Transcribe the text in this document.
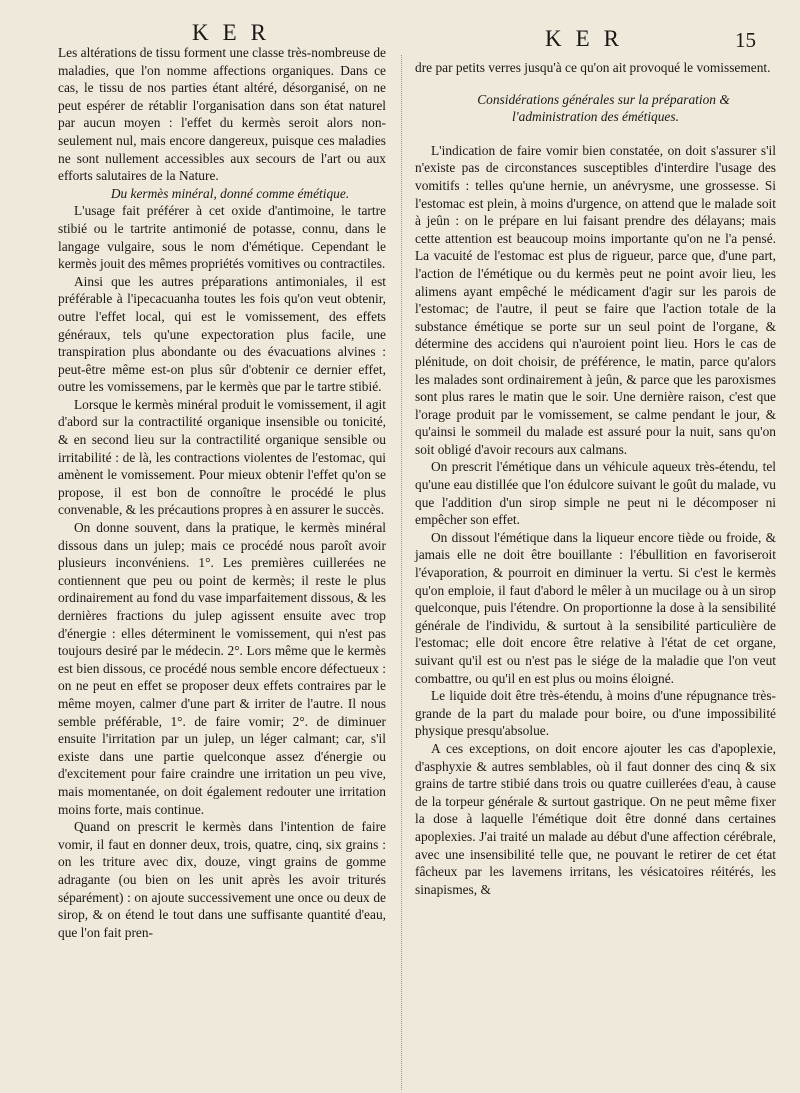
KER	KER	15

Les altérations de tissu forment une classe très-nombreuse de maladies, que l'on nomme affections organiques. Dans ce cas, le tissu de nos parties étant altéré, désorganisé, on ne peut espérer de rétablir l'organisation dans son état naturel par aucun moyen : l'effet du kermès seroit alors non-seulement nul, mais encore dangereux, puisque ces maladies ne sont nullement accessibles aux secours de l'art ou aux efforts salutaires de la Nature.

Du kermès minéral, donné comme émétique.

L'usage fait préférer à cet oxide d'antimoine, le tartre stibié ou le tartrite antimonié de potasse, connu, dans le langage vulgaire, sous le nom d'émétique. Cependant le kermès jouit des mêmes propriétés vomitives ou contractiles.

Ainsi que les autres préparations antimoniales, il est préférable à l'ipecacuanha toutes les fois qu'on veut obtenir, outre l'effet local, qui est le vomissement, des effets généraux, tels qu'une expectoration plus facile, une transpiration plus abondante ou des évacuations alvines : peut-être même est-on plus sûr d'obtenir ce dernier effet, outre les vomissemens, par le kermès que par le tartre stibié.

Lorsque le kermès minéral produit le vomissement, il agit d'abord sur la contractilité organique insensible ou tonicité, & en second lieu sur la contractilité organique sensible ou irritabilité : de là, les contractions violentes de l'estomac, qui amènent le vomissement. Pour mieux obtenir l'effet qu'on se propose, il est bon de connoître le procédé le plus convenable, & les précautions propres à en assurer le succès.

On donne souvent, dans la pratique, le kermès minéral dissous dans un julep; mais ce procédé nous paroît avoir plusieurs inconvéniens. 1°. Les premières cuillerées ne contiennent que peu ou point de kermès; il reste le plus ordinairement au fond du vase imparfaitement dissous, & les dernières fractions du julep agissent ensuite avec trop d'énergie : elles déterminent le vomissement, qui n'est pas toujours desiré par le médecin. 2°. Lors même que le kermès est bien dissous, ce procédé nous semble encore défectueux : on ne peut en effet se proposer deux effets contraires par le même moyen, calmer d'une part & irriter de l'autre. Il nous semble préférable, 1°. de faire vomir; 2°. de diminuer ensuite l'irritation par un julep, un léger calmant; car, s'il existe dans une partie quelconque assez d'énergie ou d'excitement pour faire craindre une irritation un peu vive, mais momentanée, on doit également redouter une irritation moins forte, mais continue.

Quand on prescrit le kermès dans l'intention de faire vomir, il faut en donner deux, trois, quatre, cinq, six grains : on les triture avec dix, douze, vingt grains de gomme adragante (ou bien on les unit après les avoir triturés séparément) : on ajoute successivement une once ou deux de sirop, & on étend le tout dans une suffisante quantité d'eau, que l'on fait pren-

dre par petits verres jusqu'à ce qu'on ait provoqué le vomissement.

Considérations générales sur la préparation & l'administration des émétiques.

L'indication de faire vomir bien constatée, on doit s'assurer s'il n'existe pas de circonstances susceptibles d'interdire l'usage des vomitifs : telles qu'une hernie, un anévrysme, une grossesse. Si l'estomac est plein, à moins d'urgence, on attend que le malade soit à jeûn : on le prépare en lui faisant prendre des délayans; mais cette attention est beaucoup moins importante qu'on ne l'a pensé. La vacuité de l'estomac est plus de rigueur, parce que, d'une part, l'action de l'émétique ou du kermès peut ne point avoir lieu, les alimens ayant empêché le médicament d'agir sur les parois de l'estomac; de l'autre, il peut se faire que l'action totale de la substance émétique se porte sur un seul point de l'organe, & détermine des accidens qui n'auroient point lieu. Hors le cas de plénitude, on doit choisir, de préférence, le matin, parce qu'alors les malades sont ordinairement à jeûn, & parce que les paroxismes sont plus rares le matin que le soir. Une dernière raison, c'est que l'orage produit par le vomissement, se calme pendant le jour, & qu'ainsi le sommeil du malade est assuré pour la nuit, sans qu'on soit obligé d'avoir recours aux calmans.

On prescrit l'émétique dans un véhicule aqueux très-étendu, tel qu'une eau distillée que l'on édulcore suivant le goût du malade, vu que l'addition d'un sirop simple ne peut ni le décomposer ni empêcher son effet.

On dissout l'émétique dans la liqueur encore tiède ou froide, & jamais elle ne doit être bouillante : l'ébullition en favoriseroit l'évaporation, & pourroit en diminuer la vertu. Si c'est le kermès qu'on emploie, il faut d'abord le mêler à un mucilage ou à un sirop quelconque, puis l'étendre. On proportionne la dose à la sensibilité générale de l'individu, & surtout à la sensibilité particulière de l'estomac; elle doit encore être relative à l'état de cet organe, suivant qu'il est ou n'est pas le siége de la maladie que l'on veut combattre, ou qu'il en est plus ou moins éloigné.

Le liquide doit être très-étendu, à moins d'une répugnance très-grande de la part du malade pour boire, ou d'une impossibilité physique presqu'absolue.

A ces exceptions, on doit encore ajouter les cas d'apoplexie, d'asphyxie & autres semblables, où il faut donner des cinq & six grains de tartre stibié dans trois ou quatre cuillerées d'eau, à cause de la torpeur générale & surtout gastrique. On ne peut même fixer la dose à laquelle l'émétique doit être donné dans certaines apoplexies. J'ai traité un malade au début d'une affection cérébrale, avec une insensibilité telle que, ne pouvant le retirer de cet état fâcheux par les lavemens irritans, les vésicatoires réitérés, les sinapismes, &
